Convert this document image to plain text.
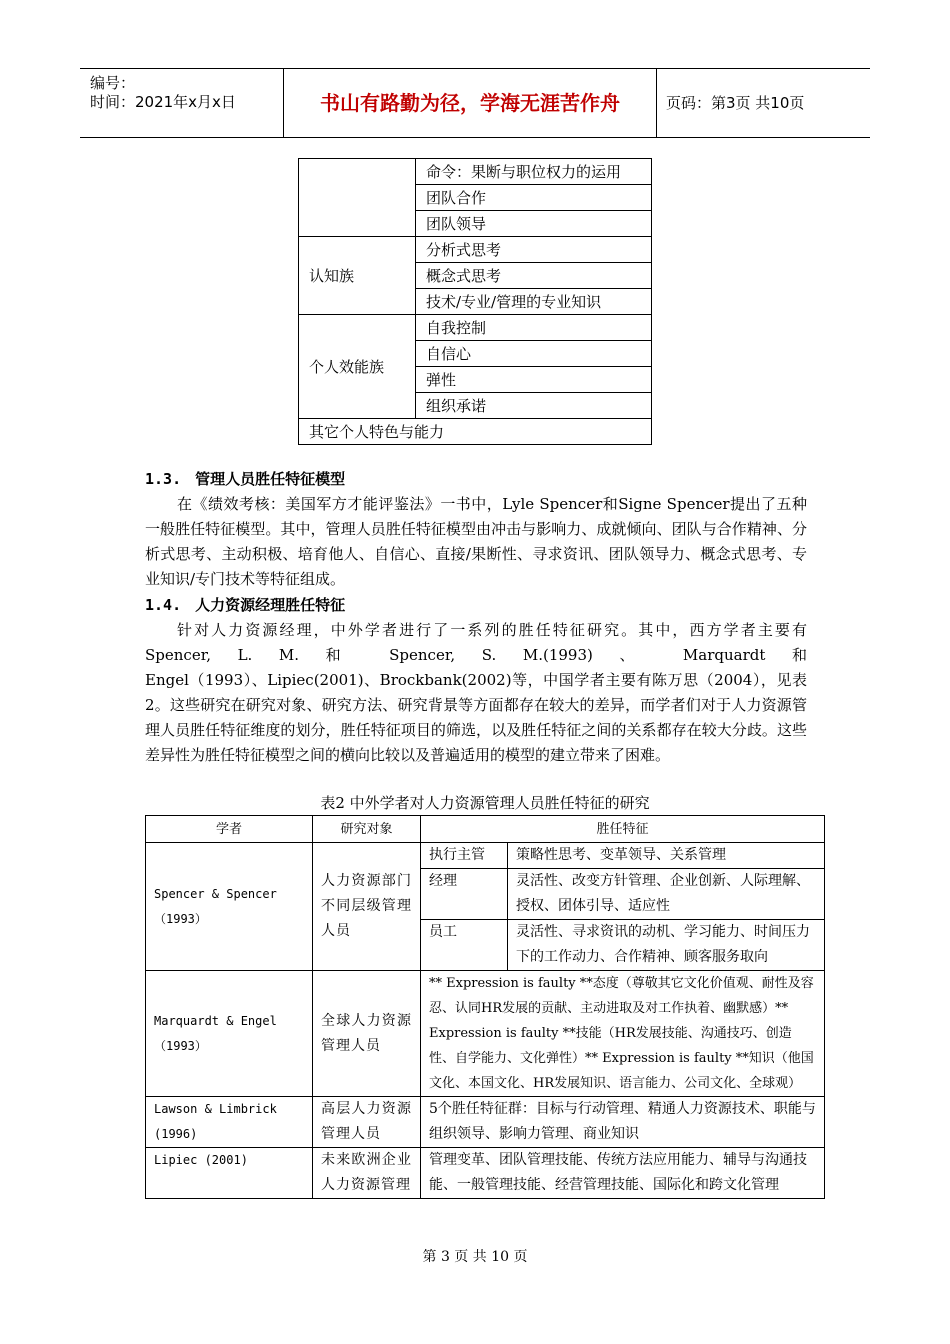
编号：
时间：2021年x月x日	书山有路勤为径，学海无涯苦作舟	页码：第3页 共10页
	命令：果断与职位权力的运用
	团队合作
	团队领导
认知族	分析式思考
	概念式思考
	技术/专业/管理的专业知识
个人效能族	自我控制
	自信心
	弹性
	组织承诺
其它个人特色与能力	
1.3. 管理人员胜任特征模型
在《绩效考核：美国军方才能评鉴法》一书中，Lyle Spencer和Signe Spencer提出了五种一般胜任特征模型。其中，管理人员胜任特征模型由冲击与影响力、成就倾向、团队与合作精神、分析式思考、主动积极、培育他人、自信心、直接/果断性、寻求资讯、团队领导力、概念式思考、专业知识/专门技术等特征组成。
1.4. 人力资源经理胜任特征
针对人力资源经理，中外学者进行了一系列的胜任特征研究。其中，西方学者主要有
Spencer, L. M. 和 Spencer, S. M.(1993) 、 Marquardt 和
Engel（1993）、Lipiec(2001)、Brockbank(2002)等，中国学者主要有陈万思（2004），见表2。这些研究在研究对象、研究方法、研究背景等方面都存在较大的差异，而学者们对于人力资源管理人员胜任特征维度的划分，胜任特征项目的筛选，以及胜任特征之间的关系都存在较大分歧。这些差异性为胜任特征模型之间的横向比较以及普遍适用的模型的建立带来了困难。
表2 中外学者对人力资源管理人员胜任特征的研究
学者	研究对象	胜任特征	
Spencer & Spencer（1993）	人力资源部门不同层级管理人员	执行主管	策略性思考、变革领导、关系管理
		经理	灵活性、改变方针管理、企业创新、人际理解、授权、团体引导、适应性
		员工	灵活性、寻求资讯的动机、学习能力、时间压力下的工作动力、合作精神、顾客服务取向
Marquardt & Engel（1993）	全球人力资源管理人员	** Expression is faulty **态度（尊敬其它文化价值观、耐性及容忍、认同HR发展的贡献、主动进取及对工作执着、幽默感）** Expression is faulty **技能（HR发展技能、沟通技巧、创造性、自学能力、文化弹性）** Expression is faulty **知识（他国文化、本国文化、HR发展知识、语言能力、公司文化、全球观）	
Lawson & Limbrick (1996)	高层人力资源管理人员	5个胜任特征群：目标与行动管理、精通人力资源技术、职能与组织领导、影响力管理、商业知识	
Lipiec (2001)	未来欧洲企业人力资源管理	管理变革、团队管理技能、传统方法应用能力、辅导与沟通技能、一般管理技能、经营管理技能、国际化和跨文化管理	
第 3 页 共 10 页
